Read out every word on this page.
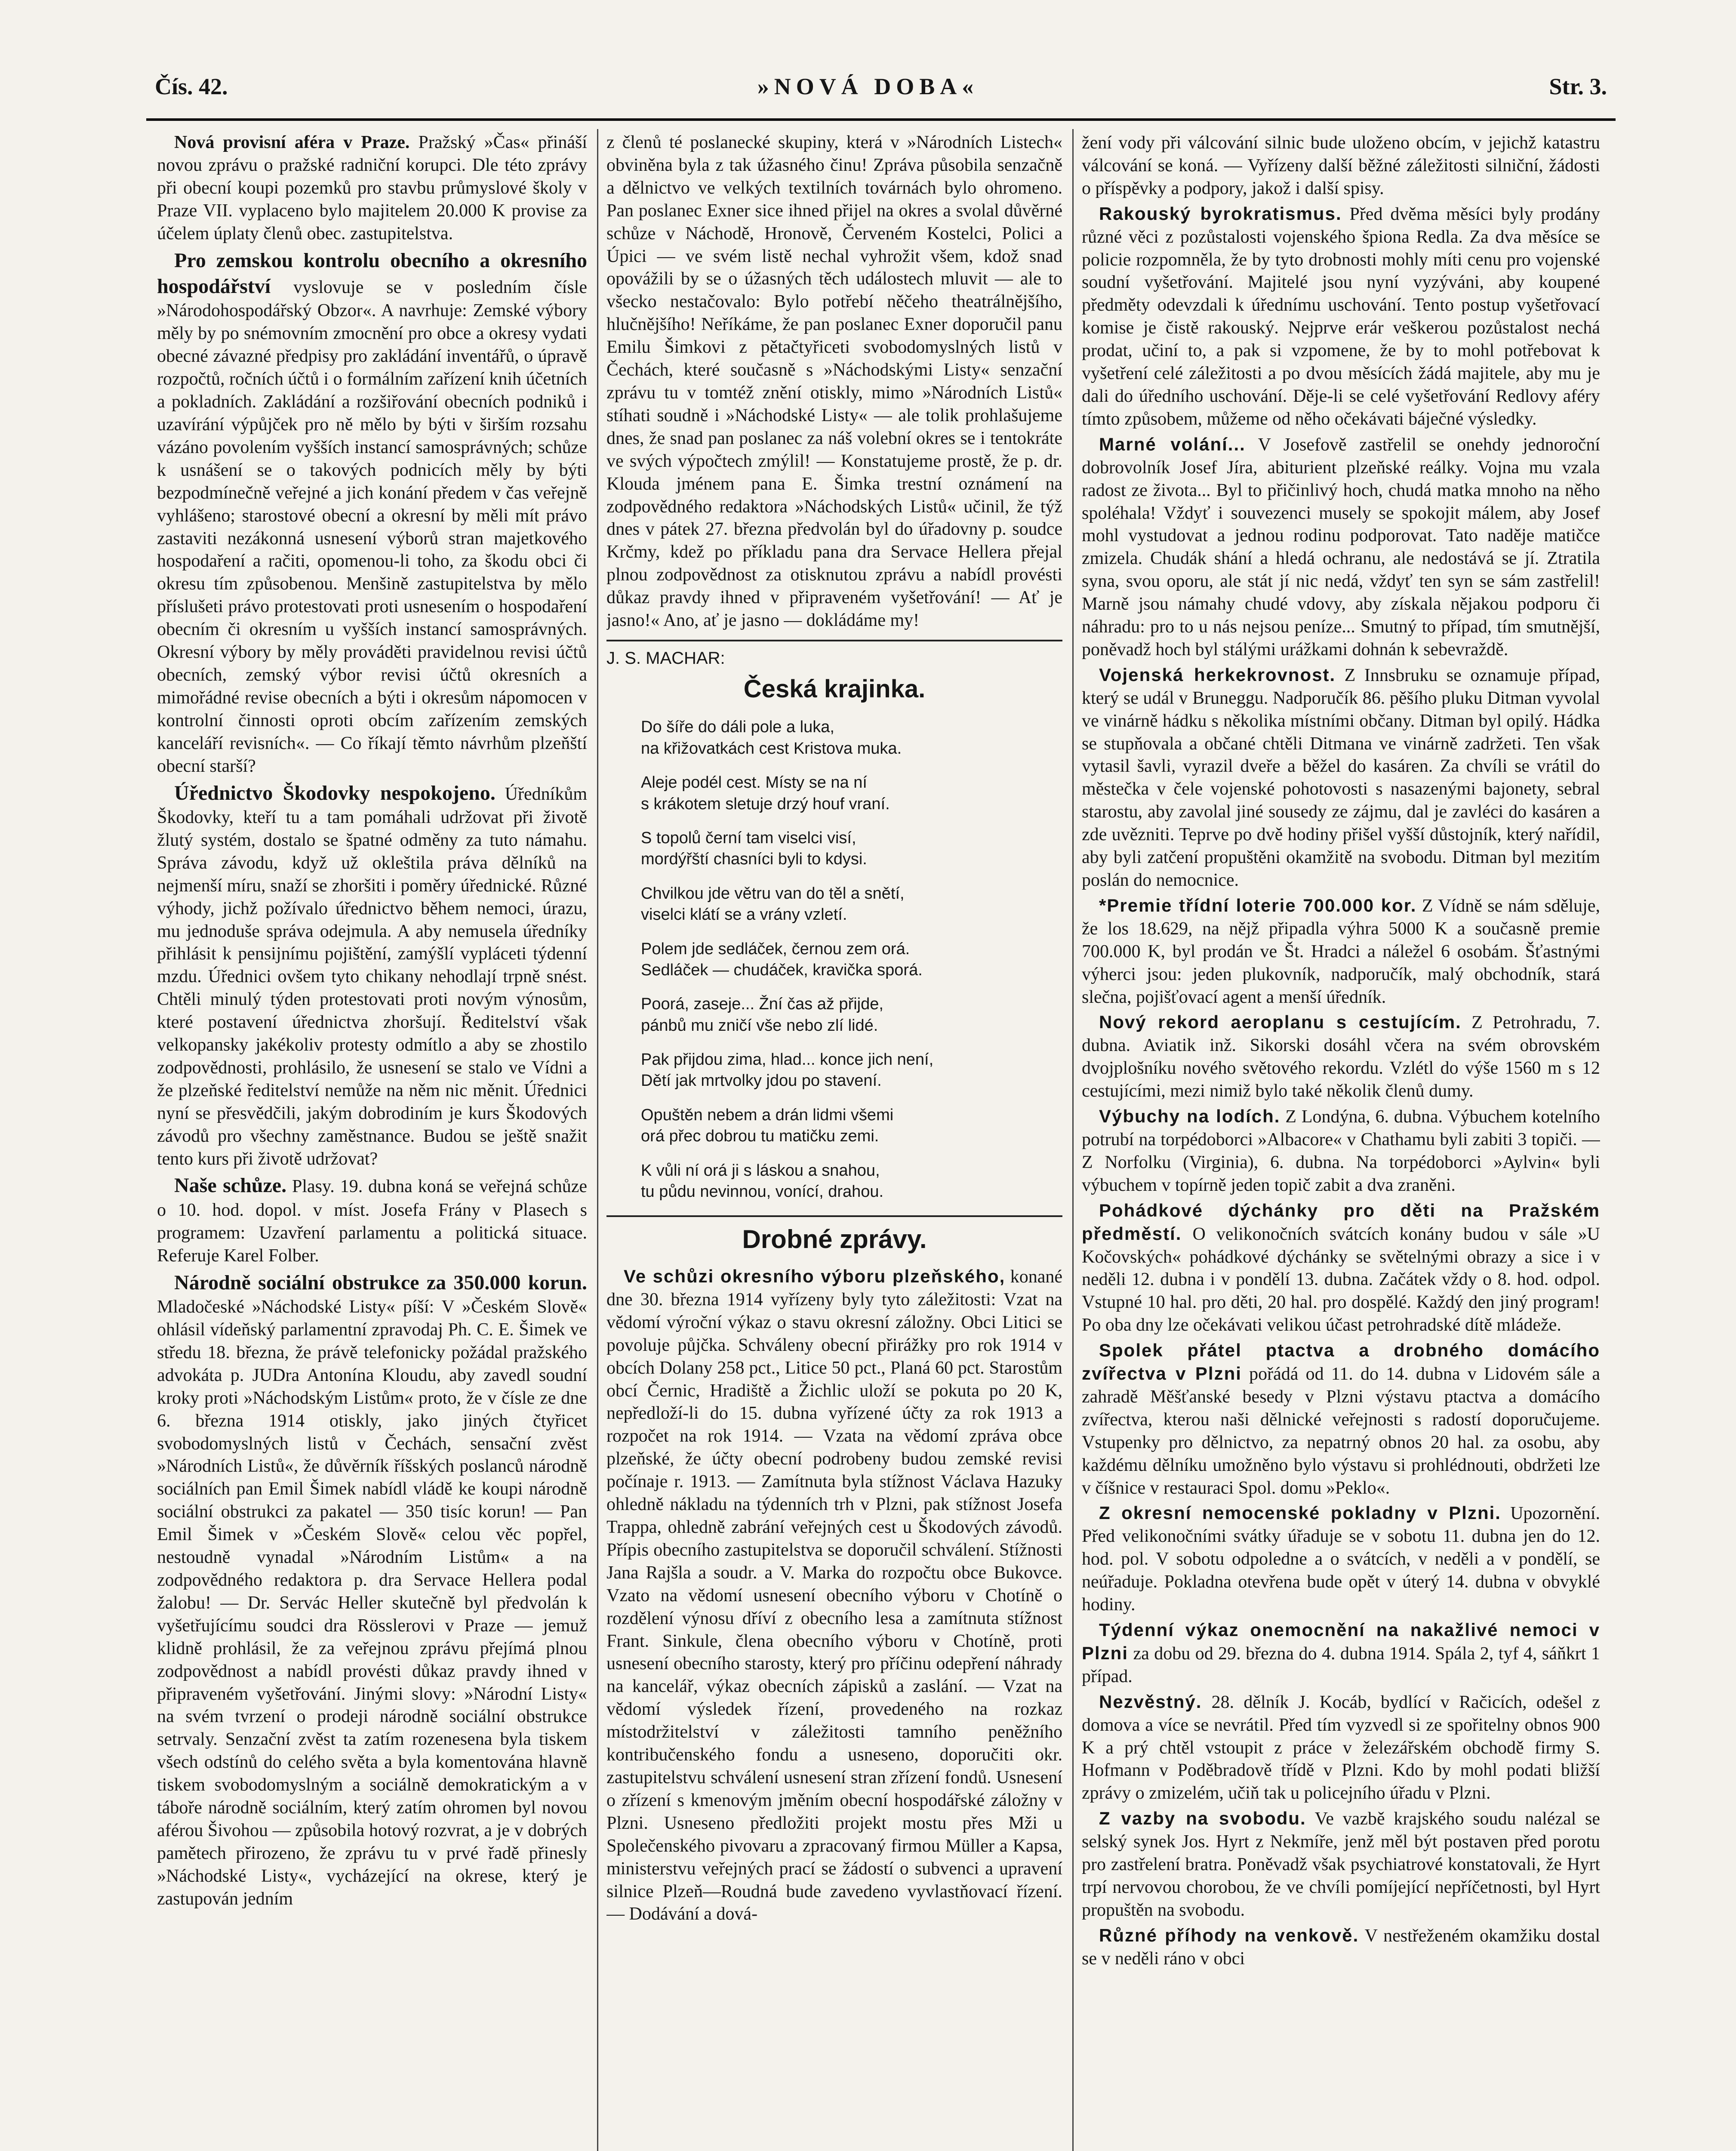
Čís. 42.	»NOVÁ DOBA«	Str. 3.

Nová provisní aféra v Praze. Pražský »Čas« přináší novou zprávu o pražské radniční korupci. Dle této zprávy při obecní koupi pozemků pro stavbu průmyslové školy v Praze VII. vyplaceno bylo majitelem 20.000 K provise za účelem úplaty členů obec. zastupitelstva.

Pro zemskou kontrolu obecního a okresního hospodářství vyslovuje se v posledním čísle »Národohospodářský Obzor«. A navrhuje: Zemské výbory měly by po snémovním zmocnění pro obce a okresy vydati obecné závazné předpisy pro zakládání inventářů, o úpravě rozpočtů, ročních účtů i o formálním zařízení knih účetních a pokladních. Zakládání a rozšiřování obecních podniků i uzavírání výpůjček pro ně mělo by býti v širším rozsahu vázáno povolením vyšších instancí samosprávných; schůze k usnášení se o takových podnicích měly by býti bezpodmínečně veřejné a jich konání předem v čas veřejně vyhlášeno; starostové obecní a okresní by měli mít právo zastaviti nezákonná usnesení výborů stran majetkového hospodaření a račiti, opomenou-li toho, za škodu obci či okresu tím způsobenou. Menšině zastupitelstva by mělo příslušeti právo protestovati proti usnesením o hospodaření obecním či okresním u vyšších instancí samosprávných. Okresní výbory by měly prováděti pravidelnou revisi účtů obecních, zemský výbor revisi účtů okresních a mimořádné revise obecních a býti i okresům nápomocen v kontrolní činnosti oproti obcím zařízením zemských kanceláří revisních«. — Co říkají těmto návrhům plzeňští obecní starší?

Úřednictvo Škodovky nespokojeno. Úředníkům Škodovky, kteří tu a tam pomáhali udržovat při životě žlutý systém, dostalo se špatné odměny za tuto námahu. Správa závodu, když už okleštila práva dělníků na nejmenší míru, snaží se zhoršiti i poměry úřednické. Různé výhody, jichž požívalo úřednictvo během nemoci, úrazu, mu jednoduše správa odejmula. A aby nemusela úředníky přihlásit k pensijnímu pojištění, zamýšlí vypláceti týdenní mzdu. Úřednici ovšem tyto chikany nehodlají trpně snést. Chtěli minulý týden protestovati proti novým výnosům, které postavení úřednictva zhoršují. Ředitelství však velkopansky jakékoliv protesty odmítlo a aby se zhostilo zodpovědnosti, prohlásilo, že usnesení se stalo ve Vídni a že plzeňské ředitelství nemůže na něm nic měnit. Úřednici nyní se přesvědčili, jakým dobrodiním je kurs Škodových závodů pro všechny zaměstnance. Budou se ještě snažit tento kurs při životě udržovat?

Naše schůze. Plasy. 19. dubna koná se veřejná schůze o 10. hod. dopol. v míst. Josefa Frány v Plasech s programem: Uzavření parlamentu a politická situace. Referuje Karel Folber.

Národně sociální obstrukce za 350.000 korun. Mladočeské »Náchodské Listy« píší: V »Českém Slově« ohlásil vídeňský parlamentní zpravodaj Ph. C. E. Šimek ve středu 18. března, že právě telefonicky požádal pražského advokáta p. JUDra Antonína Kloudu, aby zavedl soudní kroky proti »Náchodským Listům« proto, že v čísle ze dne 6. března 1914 otiskly, jako jiných čtyřicet svobodomyslných listů v Čechách, sensační zvěst »Národních Listů«, že důvěrník říšských poslanců národně sociálních pan Emil Šimek nabídl vládě ke koupi národně sociální obstrukci za pakatel — 350 tisíc korun! — Pan Emil Šimek v »Českém Slově« celou věc popřel, nestoudně vynadal »Národním Listům« a na zodpovědného redaktora p. dra Servace Hellera podal žalobu! — Dr. Servác Heller skutečně byl předvolán k vyšetřujícímu soudci dra Rösslerovi v Praze — jemuž klidně prohlásil, že za veřejnou zprávu přejímá plnou zodpovědnost a nabídl provésti důkaz pravdy ihned v připraveném vyšetřování. Jinými slovy: »Národní Listy« na svém tvrzení o prodeji národně sociální obstrukce setrvaly. Senzační zvěst ta zatím rozenesena byla tiskem všech odstínů do celého světa a byla komentována hlavně tiskem svobodomyslným a sociálně demokratickým a v táboře národně sociálním, který zatím ohromen byl novou aférou Šivohou — způsobila hotový rozvrat, a je v dobrých pamětech přirozeno, že zprávu tu v prvé řadě přinesly »Náchodské Listy«, vycházející na okrese, který je zastupován jedním

z členů té poslanecké skupiny, která v »Národních Listech« obviněna byla z tak úžasného činu! Zpráva působila senzačně a dělnictvo ve velkých textilních továrnách bylo ohromeno. Pan poslanec Exner sice ihned přijel na okres a svolal důvěrné schůze v Náchodě, Hronově, Červeném Kostelci, Polici a Úpici — ve svém listě nechal vyhrožit všem, kdož snad opovážili by se o úžasných těch událostech mluvit — ale to všecko nestačovalo: Bylo potřebí něčeho theatrálnějšího, hlučnějšího! Neříkáme, že pan poslanec Exner doporučil panu Emilu Šimkovi z pětačtyřiceti svobodomyslných listů v Čechách, které současně s »Náchodskými Listy« senzační zprávu tu v tomtéž znění otiskly, mimo »Národních Listů« stíhati soudně i »Náchodské Listy« — ale tolik prohlašujeme dnes, že snad pan poslanec za náš volební okres se i tentokráte ve svých výpočtech zmýlil! — Konstatujeme prostě, že p. dr. Klouda jménem pana E. Šimka trestní oznámení na zodpovědného redaktora »Náchodských Listů« učinil, že týž dnes v pátek 27. března předvolán byl do úřadovny p. soudce Krčmy, kdež po příkladu pana dra Servace Hellera přejal plnou zodpovědnost za otisknutou zprávu a nabídl provésti důkaz pravdy ihned v připraveném vyšetřování! — Ať je jasno!« Ano, ať je jasno — dokládáme my!

J. S. MACHAR:
Česká krajinka.
Do šíře do dáli pole a luka,
na křižovatkách cest Kristova muka.
Aleje podél cest. Místy se na ní
s krákotem sletuje drzý houf vraní.
S topolů černí tam viselci visí,
mordýřští chasníci byli to kdysi.
Chvilkou jde větru van do těl a snětí,
viselci klátí se a vrány vzletí.
Polem jde sedláček, černou zem orá.
Sedláček — chudáček, kravička sporá.
Poorá, zaseje... Žní čas až přijde,
pánbů mu zničí vše nebo zlí lidé.
Pak přijdou zima, hlad... konce jich není,
Dětí jak mrtvolky jdou po stavení.
Opuštěn nebem a drán lidmi všemi
orá přec dobrou tu matičku zemi.
K vůli ní orá ji s láskou a snahou,
tu půdu nevinnou, vonící, drahou.
Drobné zprávy.

Ve schůzi okresního výboru plzeňského, konané dne 30. března 1914 vyřízeny byly tyto záležitosti: Vzat na vědomí výroční výkaz o stavu okresní záložny. Obci Litici se povoluje půjčka. Schváleny obecní přirážky pro rok 1914 v obcích Dolany 258 pct., Litice 50 pct., Planá 60 pct. Starostům obcí Černic, Hradiště a Žichlic uloží se pokuta po 20 K, nepředloží-li do 15. dubna vyřízené účty za rok 1913 a rozpočet na rok 1914. — Vzata na vědomí zpráva obce plzeňské, že účty obecní podrobeny budou zemské revisi počínaje r. 1913. — Zamítnuta byla stížnost Václava Hazuky ohledně nákladu na týdenních trh v Plzni, pak stížnost Josefa Trappa, ohledně zabrání veřejných cest u Škodových závodů. Přípis obecního zastupitelstva se doporučil schválení. Stížnosti Jana Rajšla a soudr. a V. Marka do rozpočtu obce Bukovce. Vzato na vědomí usnesení obecního výboru v Chotíně o rozdělení výnosu dříví z obecního lesa a zamítnuta stížnost Frant. Sinkule, člena obecního výboru v Chotíně, proti usnesení obecního starosty, který pro příčinu odepření náhrady na kancelář, výkaz obecních zápisků a zaslání. — Vzat na vědomí výsledek řízení, provedeného na rozkaz místodržitelství v záležitosti tamního peněžního kontribučenského fondu a usneseno, doporučiti okr. zastupitelstvu schválení usnesení stran zřízení fondů. Usnesení o zřízení s kmenovým jměním obecní hospodářské záložny v Plzni. Usneseno předložiti projekt mostu přes Mži u Společenského pivovaru a zpracovaný firmou Müller a Kapsa, ministerstvu veřejných prací se žádostí o subvenci a upravení silnice Plzeň—Roudná bude zavedeno vyvlastňovací řízení. — Dodávání a dová-

žení vody při válcování silnic bude uloženo obcím, v jejichž katastru válcování se koná. — Vyřízeny další běžné záležitosti silniční, žádosti o příspěvky a podpory, jakož i další spisy.

Rakouský byrokratismus. Před dvěma měsíci byly prodány různé věci z pozůstalosti vojenského špiona Redla. Za dva měsíce se policie rozpomněla, že by tyto drobnosti mohly míti cenu pro vojenské soudní vyšetřování. Majitelé jsou nyní vyzýváni, aby koupené předměty odevzdali k úřednímu uschování. Tento postup vyšetřovací komise je čistě rakouský. Nejprve erár veškerou pozůstalost nechá prodat, učiní to, a pak si vzpomene, že by to mohl potřebovat k vyšetření celé záležitosti a po dvou měsících žádá majitele, aby mu je dali do úředního uschování. Děje-li se celé vyšetřování Redlovy aféry tímto způsobem, můžeme od něho očekávati báječné výsledky.

Marné volání... V Josefově zastřelil se onehdy jednoroční dobrovolník Josef Jíra, abiturient plzeňské reálky. Vojna mu vzala radost ze života... Byl to přičinlivý hoch, chudá matka mnoho na něho spoléhala! Vždyť i souvezenci musely se spokojit málem, aby Josef mohl vystudovat a jednou rodinu podporovat. Tato naděje matičce zmizela. Chudák shání a hledá ochranu, ale nedostává se jí. Ztratila syna, svou oporu, ale stát jí nic nedá, vždyť ten syn se sám zastřelil! Marně jsou námahy chudé vdovy, aby získala nějakou podporu či náhradu: pro to u nás nejsou peníze... Smutný to případ, tím smutnější, poněvadž hoch byl stálými urážkami dohnán k sebevraždě.

Vojenská herkekrovnost. Z Innsbruku se oznamuje případ, který se udál v Bruneggu. Nadporučík 86. pěšího pluku Ditman vyvolal ve vinárně hádku s několika místními občany. Ditman byl opilý. Hádka se stupňovala a občané chtěli Ditmana ve vinárně zadržeti. Ten však vytasil šavli, vyrazil dveře a běžel do kasáren. Za chvíli se vrátil do městečka v čele vojenské pohotovosti s nasazenými bajonety, sebral starostu, aby zavolal jiné sousedy ze zájmu, dal je zavléci do kasáren a zde uvězniti. Teprve po dvě hodiny přišel vyšší důstojník, který nařídil, aby byli zatčení propuštěni okamžitě na svobodu. Ditman byl mezitím poslán do nemocnice.

*Premie třídní loterie 700.000 kor. Z Vídně se nám sděluje, že los 18.629, na nějž připadla výhra 5000 K a současně premie 700.000 K, byl prodán ve Št. Hradci a náležel 6 osobám. Šťastnými výherci jsou: jeden plukovník, nadporučík, malý obchodník, stará slečna, pojišťovací agent a menší úředník.

Nový rekord aeroplanu s cestujícím. Z Petrohradu, 7. dubna. Aviatik inž. Sikorski dosáhl včera na svém obrovském dvojplošníku nového světového rekordu. Vzlétl do výše 1560 m s 12 cestujícími, mezi nimiž bylo také několik členů dumy.

Výbuchy na lodích. Z Londýna, 6. dubna. Výbuchem kotelního potrubí na torpédoborci »Albacore« v Chathamu byli zabiti 3 topiči. — Z Norfolku (Virginia), 6. dubna. Na torpédoborci »Aylvin« byli výbuchem v topírně jeden topič zabit a dva zraněni.

Pohádkové dýchánky pro děti na Pražském předměstí. O velikonočních svátcích konány budou v sále »U Kočovských« pohádkové dýchánky se světelnými obrazy a sice i v neděli 12. dubna i v pondělí 13. dubna. Začátek vždy o 8. hod. odpol. Vstupné 10 hal. pro děti, 20 hal. pro dospělé. Každý den jiný program! Po oba dny lze očekávati velikou účast petrohradské dítě mládeže.

Spolek přátel ptactva a drobného domácího zvířectva v Plzni pořádá od 11. do 14. dubna v Lidovém sále a zahradě Měšťanské besedy v Plzni výstavu ptactva a domácího zvířectva, kterou naši dělnické veřejnosti s radostí doporučujeme. Vstupenky pro dělnictvo, za nepatrný obnos 20 hal. za osobu, aby každému dělníku umožněno bylo výstavu si prohlédnouti, obdržeti lze v číšnice v restauraci Spol. domu »Peklo«.

Z okresní nemocenské pokladny v Plzni. Upozornění. Před velikonočními svátky úřaduje se v sobotu 11. dubna jen do 12. hod. pol. V sobotu odpoledne a o svátcích, v neděli a v pondělí, se neúřaduje. Pokladna otevřena bude opět v úterý 14. dubna v obvyklé hodiny.

Týdenní výkaz onemocnění na nakažlivé nemoci v Plzni za dobu od 29. března do 4. dubna 1914. Spála 2, tyf 4, sáňkrt 1 případ.

Nezvěstný. 28. dělník J. Kocáb, bydlící v Račicích, odešel z domova a více se nevrátil. Před tím vyzvedl si ze spořitelny obnos 900 K a prý chtěl vstoupit z práce v železářském obchodě firmy S. Hofmann v Poděbradově třídě v Plzni. Kdo by mohl podati bližší zprávy o zmizelém, učiň tak u policejního úřadu v Plzni.

Z vazby na svobodu. Ve vazbě krajského soudu nalézal se selský synek Jos. Hyrt z Nekmíře, jenž měl být postaven před porotu pro zastřelení bratra. Poněvadž však psychiatrové konstatovali, že Hyrt trpí nervovou chorobou, že ve chvíli pomíjející nepříčetnosti, byl Hyrt propuštěn na svobodu.

Různé příhody na venkově. V nestřeženém okamžiku dostal se v neděli ráno v obci
